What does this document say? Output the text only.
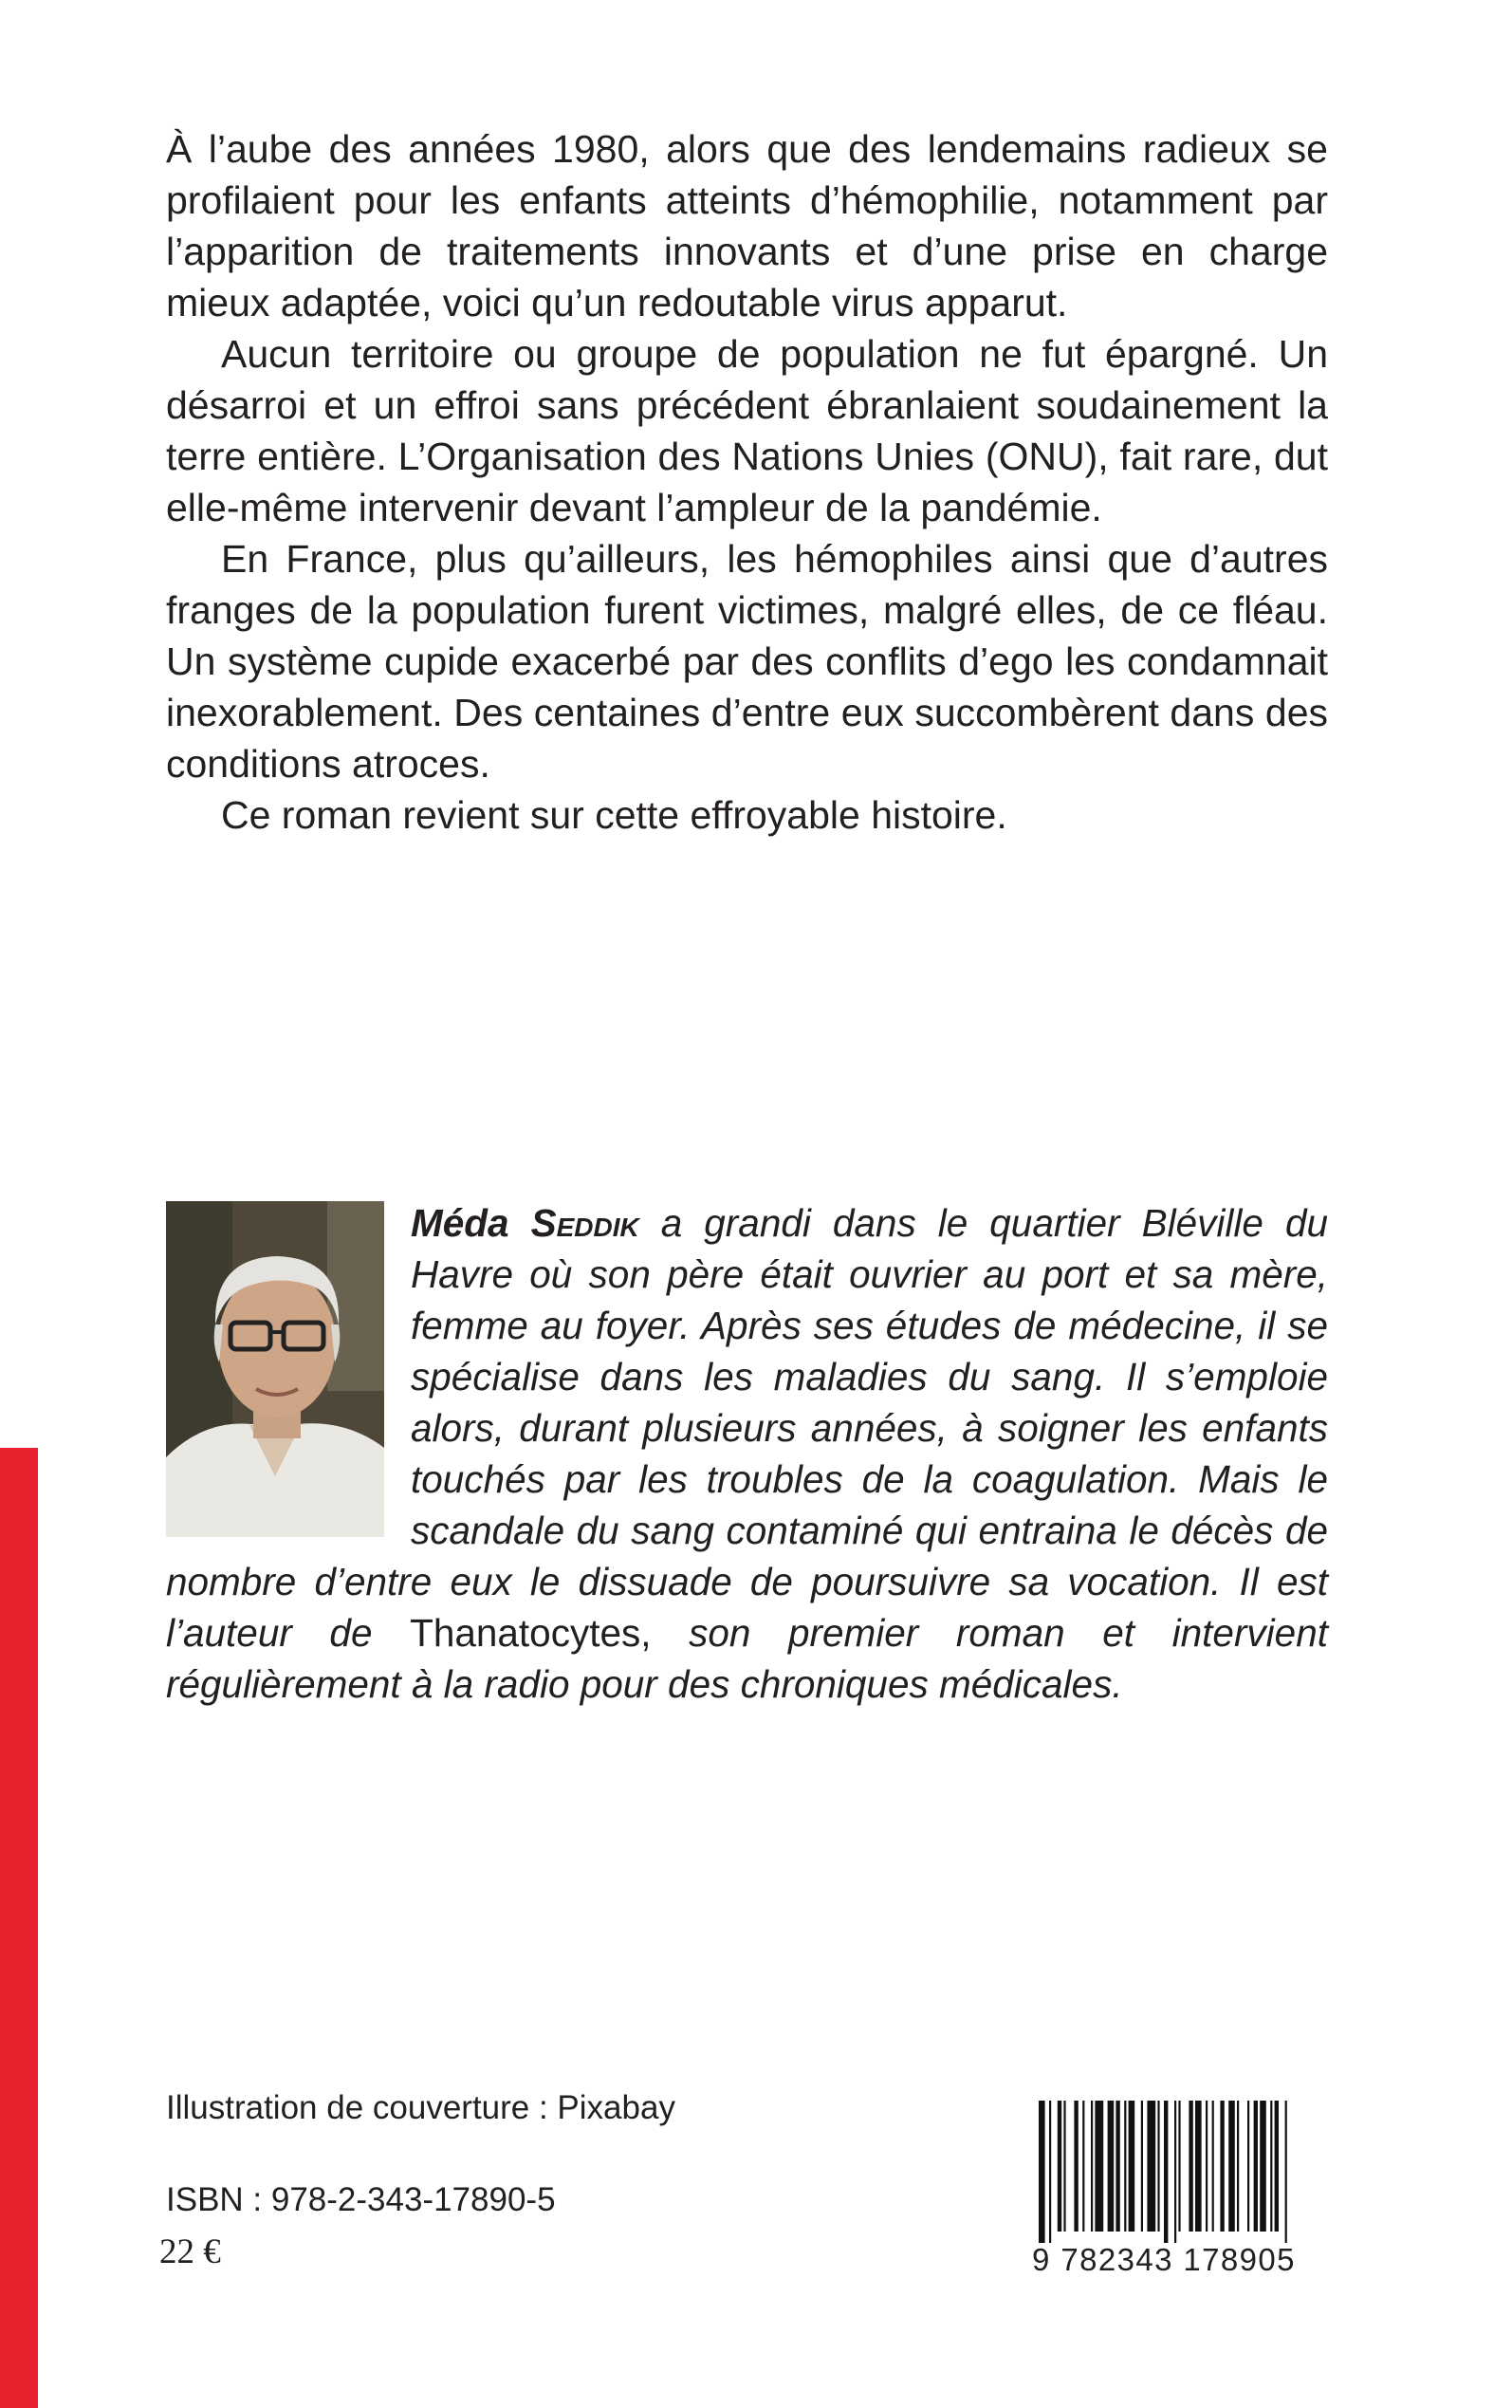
À l’aube des années 1980, alors que des lendemains radieux se profilaient pour les enfants atteints d’hémophilie, notamment par l’apparition de traitements innovants et d’une prise en charge mieux adaptée, voici qu’un redoutable virus apparut.

Aucun territoire ou groupe de population ne fut épargné. Un désarroi et un effroi sans précédent ébranlaient soudainement la terre entière. L’Organisation des Nations Unies (ONU), fait rare, dut elle-même intervenir devant l’ampleur de la pandémie.

En France, plus qu’ailleurs, les hémophiles ainsi que d’autres franges de la population furent victimes, malgré elles, de ce fléau. Un système cupide exacerbé par des conflits d’ego les condamnait inexorablement. Des centaines d’entre eux succombèrent dans des conditions atroces.

Ce roman revient sur cette effroyable histoire.

Méda Seddik a grandi dans le quartier Bléville du Havre où son père était ouvrier au port et sa mère, femme au foyer. Après ses études de médecine, il se spécialise dans les maladies du sang. Il s’emploie alors, durant plusieurs années, à soigner les enfants touchés par les troubles de la coagulation. Mais le scandale du sang contaminé qui entraina le décès de nombre d’entre eux le dissuade de poursuivre sa vocation. Il est l’auteur de Thanatocytes, son premier roman et intervient régulièrement à la radio pour des chroniques médicales.
Illustration de couverture : Pixabay
ISBN : 978-2-343-17890-5
22 €	9 782343 178905
